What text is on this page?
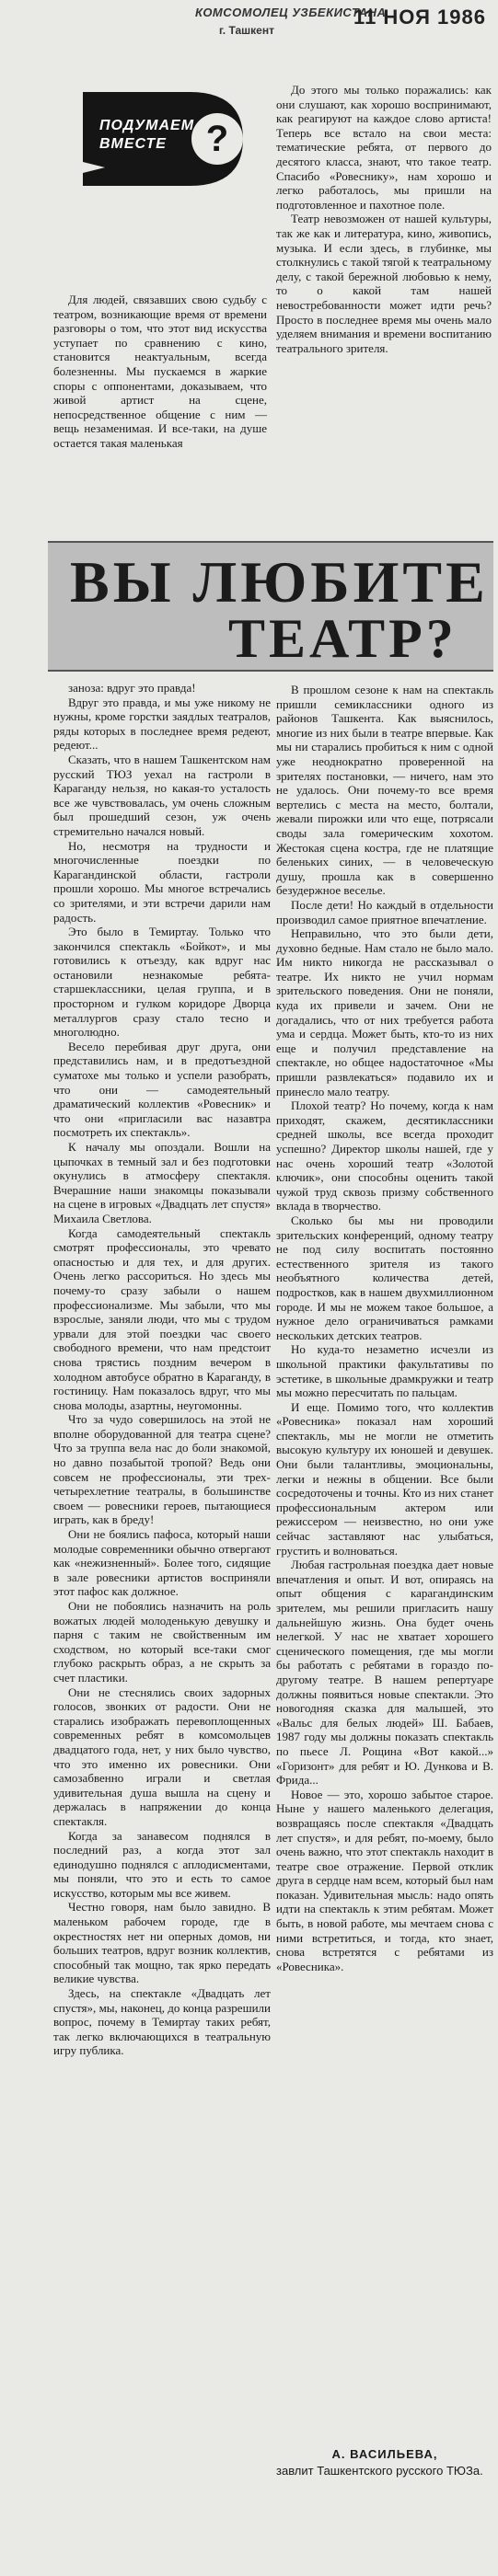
КОМСОМОЛЕЦ УЗБЕКИСТАНА
г. Ташкент
11 НОЯ 1986
?
ПОДУМАЕМ
ВМЕСТЕ

Для людей, связавших свою судьбу с театром, возникающие время от времени разговоры о том, что этот вид искусства уступает по сравнению с кино, становится неактуальным, всегда болезненны. Мы пускаемся в жаркие споры с оппонентами, доказываем, что живой артист на сцене, непосредственное общение с ним — вещь незаменимая. И все-таки, на душе остается такая маленькая

До этого мы только поражались: как они слушают, как хорошо воспринимают, как реагируют на каждое слово артиста! Теперь все встало на свои места: тематические ребята, от первого до десятого класса, знают, что такое театр. Спасибо «Ровеснику», нам хорошо и легко работалось, мы пришли на подготовленное и пахотное поле.

Театр невозможен от нашей культуры, так же как и литература, кино, живопись, музыка. И если здесь, в глубинке, мы столкнулись с такой тягой к театральному делу, с такой бережной любовью к нему, то о какой там нашей невостребованности может идти речь? Просто в последнее время мы очень мало уделяем внимания и времени воспитанию театрального зрителя.

ВЫ ЛЮБИТЕ
ТЕАТР?

заноза: вдруг это правда!

Вдруг это правда, и мы уже никому не нужны, кроме горстки заядлых театралов, ряды которых в последнее время редеют, редеют...

Сказать, что в нашем Ташкентском нам русский ТЮЗ уехал на гастроли в Караганду нельзя, но какая-то усталость все же чувствовалась, ум очень сложным был прошедший сезон, уж очень стремительно начался новый.

Но, несмотря на трудности и многочисленные поездки по Карагандинской области, гастроли прошли хорошо. Мы многое встречались со зрителями, и эти встречи дарили нам радость.

Это было в Темиртау. Только что закончился спектакль «Бойкот», и мы готовились к отъезду, как вдруг нас остановили незнакомые ребята-старшеклассники, целая группа, и в просторном и гулком коридоре Дворца металлургов сразу стало тесно и многолюдно.

Весело перебивая друг друга, они представились нам, и в предотъездной суматохе мы только и успели разобрать, что они — самодеятельный драматический коллектив «Ровесник» и что они «пригласили вас назавтра посмотреть их спектакль».

К началу мы опоздали. Вошли на цыпочках в темный зал и без подготовки окунулись в атмосферу спектакля. Вчерашние наши знакомцы показывали на сцене в игровых «Двадцать лет спустя» Михаила Светлова.

Когда самодеятельный спектакль смотрят профессионалы, это чревато опасностью и для тех, и для других. Очень легко рассориться. Но здесь мы почему-то сразу забыли о нашем профессионализме. Мы забыли, что мы взрослые, заняли люди, что мы с трудом урвали для этой поездки час своего свободного времени, что нам предстоит снова трястись поздним вечером в холодном автобусе обратно в Караганду, в гостиницу. Нам показалось вдруг, что мы снова молоды, азартны, неугомонны.

Что за чудо совершилось на этой не вполне оборудованной для театра сцене? Что за труппа вела нас до боли знакомой, но давно позабытой тропой? Ведь они совсем не профессионалы, эти трех-четырехлетние театралы, в большинстве своем — ровесники героев, пытающиеся играть, как в бреду!

Они не боялись пафоса, который наши молодые современники обычно отвергают как «нежизненный». Более того, сидящие в зале ровесники артистов восприняли этот пафос как должное.

Они не побоялись назначить на роль вожатых людей молоденькую девушку и парня с таким не свойственным им сходством, но который все-таки смог глубоко раскрыть образ, а не скрыть за счет пластики.

Они не стеснялись своих задорных голосов, звонких от радости. Они не старались изображать перевоплощенных современных ребят в комсомольцев двадцатого года, нет, у них было чувство, что это именно их ровесники. Они самозабвенно играли и светлая удивительная душа вышла на сцену и держалась в напряжении до конца спектакля.

Когда за занавесом поднялся в последний раз, а когда этот зал единодушно поднялся с аплодисментами, мы поняли, что это и есть то самое искусство, которым мы все живем.

Честно говоря, нам было завидно. В маленьком рабочем городе, где в окрестностях нет ни оперных домов, ни больших театров, вдруг возник коллектив, способный так мощно, так ярко передать великие чувства.

Здесь, на спектакле «Двадцать лет спустя», мы, наконец, до конца разрешили вопрос, почему в Темиртау таких ребят, так легко включающихся в театральную игру публика.

В прошлом сезоне к нам на спектакль пришли семиклассники одного из районов Ташкента. Как выяснилось, многие из них были в театре впервые. Как мы ни старались пробиться к ним с одной уже неоднократно проверенной на зрителях постановки, — ничего, нам это не удалось. Они почему-то все время вертелись с места на место, болтали, жевали пирожки или что еще, потрясали своды зала гомерическим хохотом. Жестокая сцена костра, где не платящие беленьких синих, — в человеческую душу, прошла как в совершенно безудержное веселье.

После дети! Но каждый в отдельности производил самое приятное впечатление.

Неправильно, что это были дети, духовно бедные. Нам стало не было мало. Им никто никогда не рассказывал о театре. Их никто не учил нормам зрительского поведения. Они не поняли, куда их привели и зачем. Они не догадались, что от них требуется работа ума и сердца. Может быть, кто-то из них еще и получил представление на спектакле, но общее надостаточное «Мы пришли развлекаться» подавило их и принесло мало театру.

Плохой театр? Но почему, когда к нам приходят, скажем, десятиклассники средней школы, все всегда проходит успешно? Директор школы нашей, где у нас очень хороший театр «Золотой ключик», они способны оценить такой чужой труд сквозь призму собственного вклада в творчество.

Сколько бы мы ни проводили зрительских конференций, одному театру не под силу воспитать постоянно естественного зрителя из такого необъятного количества детей, подростков, как в нашем двухмиллионном городе. И мы не можем такое большое, а нужное дело ограничиваться рамками нескольких детских театров.

Но куда-то незаметно исчезли из школьной практики факультативы по эстетике, в школьные драмкружки и театр мы можно пересчитать по пальцам.

И еще. Помимо того, что коллектив «Ровесника» показал нам хороший спектакль, мы не могли не отметить высокую культуру их юношей и девушек. Они были талантливы, эмоциональны, легки и нежны в общении. Все были сосредоточены и точны. Кто из них станет профессиональным актером или режиссером — неизвестно, но они уже сейчас заставляют нас улыбаться, грустить и волноваться.

Любая гастрольная поездка дает новые впечатления и опыт. И вот, опираясь на опыт общения с карагандинским зрителем, мы решили пригласить нашу дальнейшую жизнь. Она будет очень нелегкой. У нас не хватает хорошего сценического помещения, где мы могли бы работать с ребятами в гораздо по-другому театре. В нашем репертуаре должны появиться новые спектакли. Это новогодняя сказка для малышей, это «Вальс для белых людей» Ш. Бабаев, 1987 году мы должны показать спектакль по пьесе Л. Рощина «Вот какой...» «Горизонт» для ребят и Ю. Дункова и В. Фрида...

Новое — это, хорошо забытое старое. Ныне у нашего маленького делегация, возвращаясь после спектакля «Двадцать лет спустя», и для ребят, по-моему, было очень важно, что этот спектакль находит в театре свое отражение. Первой отклик друга в сердце нам всем, который был нам показан. Удивительная мысль: надо опять идти на спектакль к этим ребятам. Может быть, в новой работе, мы мечтаем снова с ними встретиться, и тогда, кто знает, снова встретятся с ребятами из «Ровесника».

А. ВАСИЛЬЕВА,
завлит Ташкентского русского ТЮЗа.
